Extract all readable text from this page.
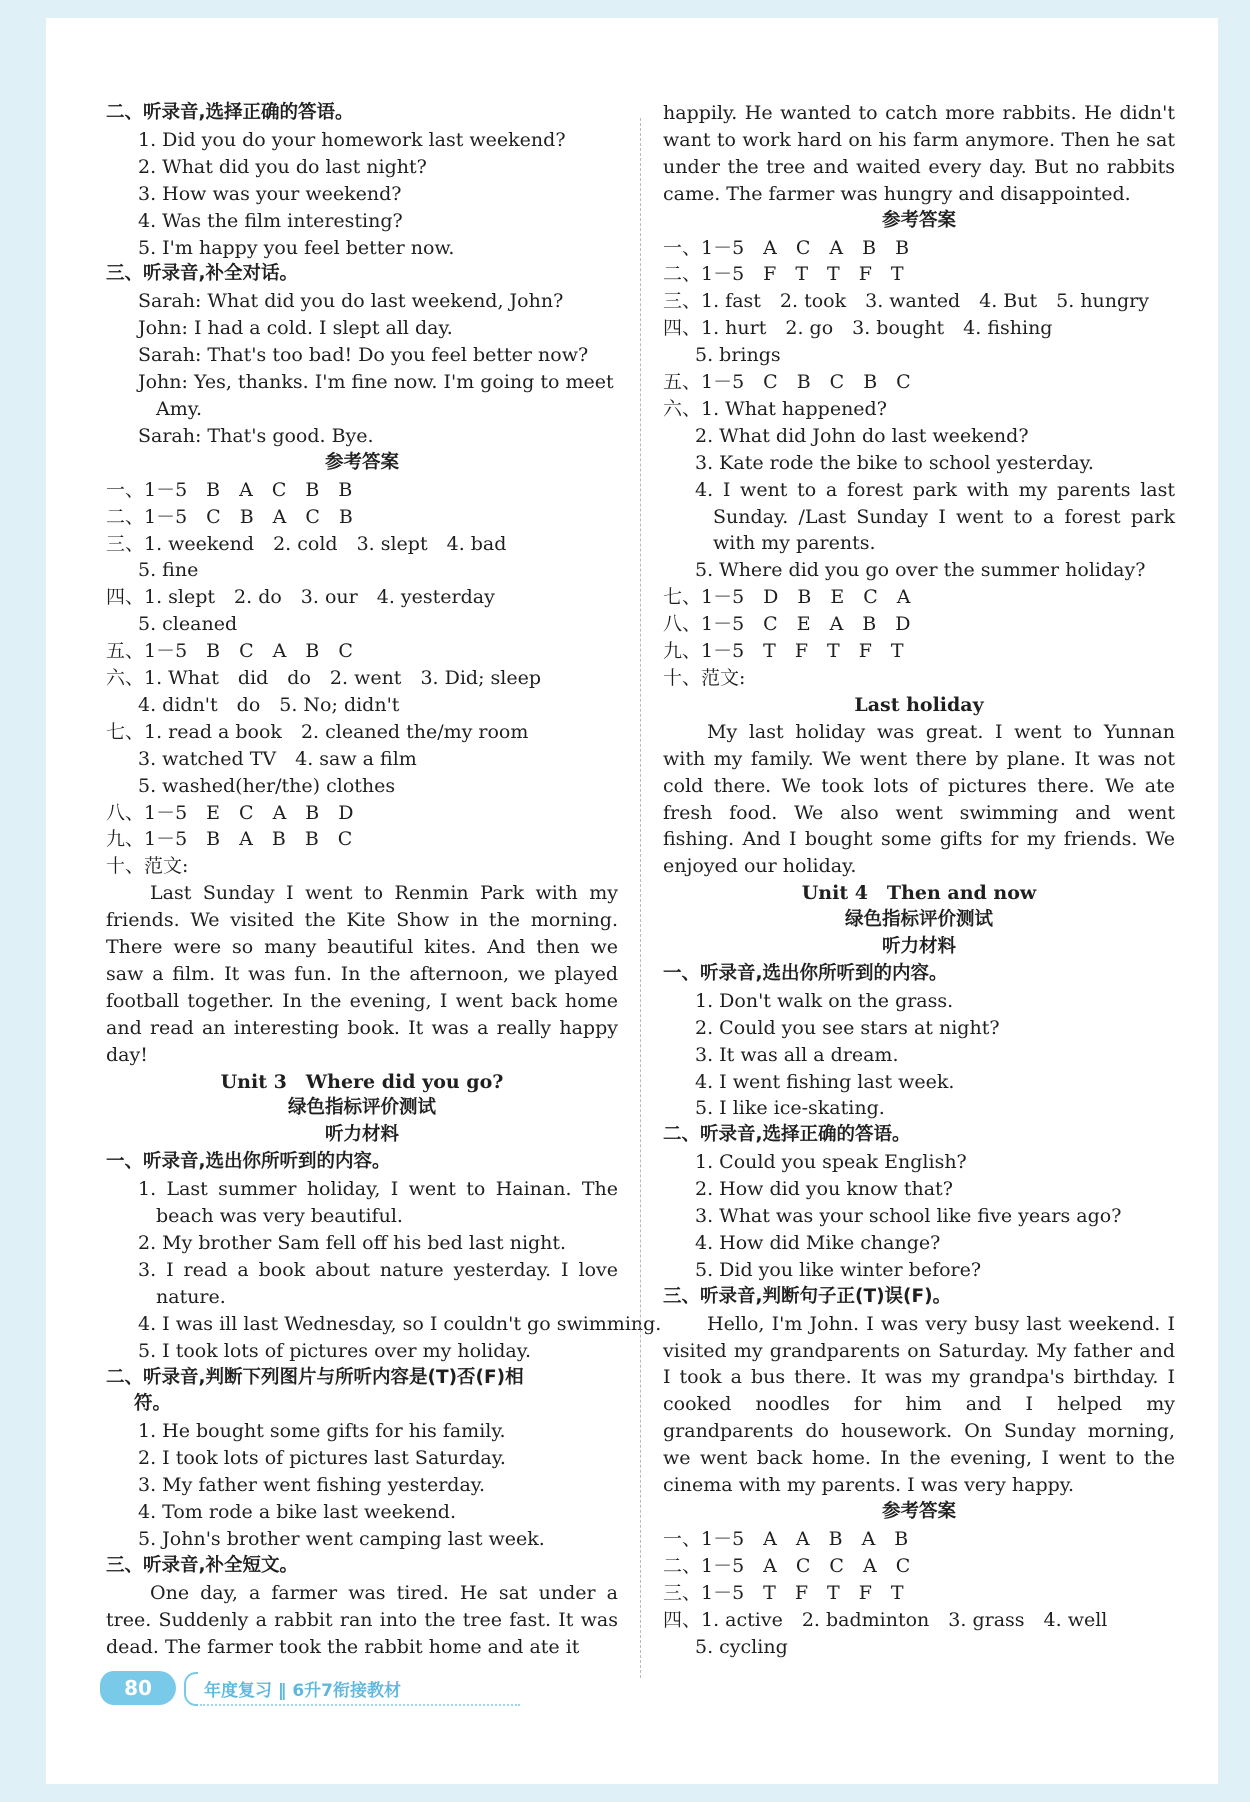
二、听录音,选择正确的答语。
1. Did you do your homework last weekend?
2. What did you do last night?
3. How was your weekend?
4. Was the film interesting?
5. I'm happy you feel better now.
三、听录音,补全对话。
Sarah: What did you do last weekend, John?
John: I had a cold. I slept all day.
Sarah: That's too bad! Do you feel better now?
John: Yes, thanks. I'm fine now. I'm going to meet
Amy.
Sarah: That's good. Bye.
参考答案
一、1－5　B　A　C　B　B
二、1－5　C　B　A　C　B
三、1. weekend　2. cold　3. slept　4. bad
5. fine
四、1. slept　2. do　3. our　4. yesterday
5. cleaned
五、1－5　B　C　A　B　C
六、1. What　did　do　2. went　3. Did; sleep
4. didn't　do　5. No; didn't
七、1. read a book　2. cleaned the/my room
3. watched TV　4. saw a film
5. washed(her/the) clothes
八、1－5　E　C　A　B　D
九、1－5　B　A　B　B　C
十、范文:
Last Sunday I went to Renmin Park with my friends. We visited the Kite Show in the morning. There were so many beautiful kites. And then we saw a film. It was fun. In the afternoon, we played football together. In the evening, I went back home and read an interesting book. It was a really happy day!
Unit 3　Where did you go?
绿色指标评价测试
听力材料
一、听录音,选出你所听到的内容。
1. Last summer holiday, I went to Hainan. The beach was very beautiful.
2. My brother Sam fell off his bed last night.
3. I read a book about nature yesterday. I love nature.
4. I was ill last Wednesday, so I couldn't go swimming.
5. I took lots of pictures over my holiday.
二、听录音,判断下列图片与所听内容是(T)否(F)相
符。
1. He bought some gifts for his family.
2. I took lots of pictures last Saturday.
3. My father went fishing yesterday.
4. Tom rode a bike last weekend.
5. John's brother went camping last week.
三、听录音,补全短文。
One day, a farmer was tired. He sat under a tree. Suddenly a rabbit ran into the tree fast. It was dead. The farmer took the rabbit home and ate it
happily. He wanted to catch more rabbits. He didn't want to work hard on his farm anymore. Then he sat under the tree and waited every day. But no rabbits came. The farmer was hungry and disappointed.
参考答案
一、1－5　A　C　A　B　B
二、1－5　F　T　T　F　T
三、1. fast　2. took　3. wanted　4. But　5. hungry
四、1. hurt　2. go　3. bought　4. fishing
5. brings
五、1－5　C　B　C　B　C
六、1. What happened?
2. What did John do last weekend?
3. Kate rode the bike to school yesterday.
4. I went to a forest park with my parents last Sunday. /Last Sunday I went to a forest park with my parents.
5. Where did you go over the summer holiday?
七、1－5　D　B　E　C　A
八、1－5　C　E　A　B　D
九、1－5　T　F　T　F　T
十、范文:
Last holiday
My last holiday was great. I went to Yunnan with my family. We went there by plane. It was not cold there. We took lots of pictures there. We ate fresh food. We also went swimming and went fishing. And I bought some gifts for my friends. We enjoyed our holiday.
Unit 4　Then and now
绿色指标评价测试
听力材料
一、听录音,选出你所听到的内容。
1. Don't walk on the grass.
2. Could you see stars at night?
3. It was all a dream.
4. I went fishing last week.
5. I like ice-skating.
二、听录音,选择正确的答语。
1. Could you speak English?
2. How did you know that?
3. What was your school like five years ago?
4. How did Mike change?
5. Did you like winter before?
三、听录音,判断句子正(T)误(F)。
Hello, I'm John. I was very busy last weekend. I visited my grandparents on Saturday. My father and I took a bus there. It was my grandpa's birthday. I cooked noodles for him and I helped my grandparents do housework. On Sunday morning, we went back home. In the evening, I went to the cinema with my parents. I was very happy.
参考答案
一、1－5　A　A　B　A　B
二、1－5　A　C　C　A　C
三、1－5　T　F　T　F　T
四、1. active　2. badminton　3. grass　4. well
5. cycling
80	年度复习 ‖ 6升7衔接教材
